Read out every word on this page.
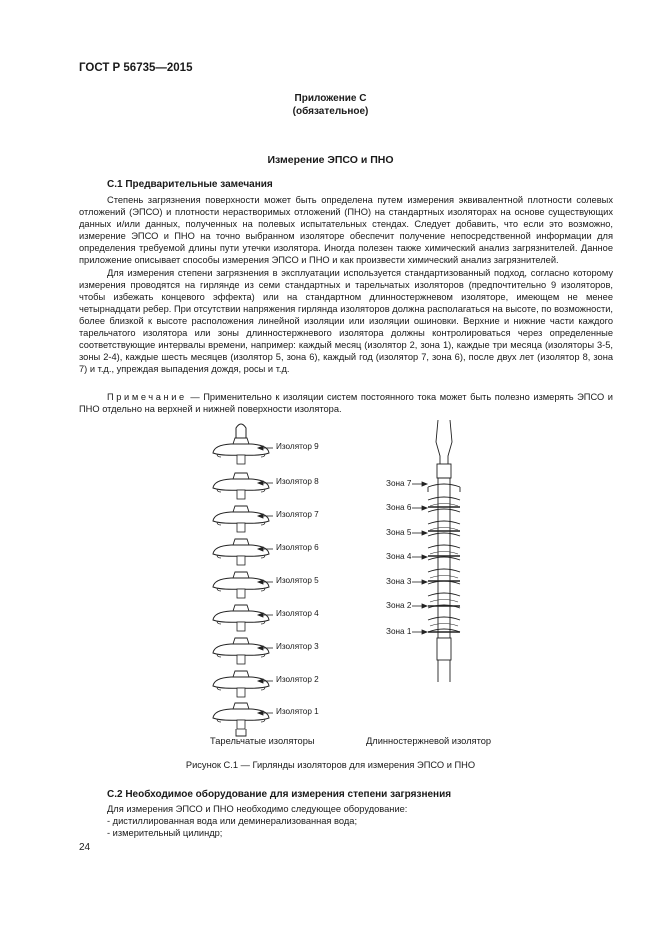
ГОСТ Р 56735—2015
Приложение С
(обязательное)
Измерение ЭПСО и ПНО
С.1 Предварительные замечания

Степень загрязнения поверхности может быть определена путем измерения эквивалентной плотности солевых отложений (ЭПСО) и плотности нерастворимых отложений (ПНО) на стандартных изоляторах на основе существующих данных и/или данных, полученных на полевых испытательных стендах. Следует добавить, что если это возможно, измерение ЭПСО и ПНО на точно выбранном изоляторе обеспечит получение непосредственной информации для определения требуемой длины пути утечки изолятора. Иногда полезен также химический анализ загрязнителей. Данное приложение описывает способы измерения ЭПСО и ПНО и как произвести химический анализ загрязнителей.

Для измерения степени загрязнения в эксплуатации используется стандартизованный подход, согласно которому измерения проводятся на гирлянде из семи стандартных и тарельчатых изоляторов (предпочтительно 9 изоляторов, чтобы избежать концевого эффекта) или на стандартном длинностержневом изоляторе, имеющем не менее четырнадцати ребер. При отсутствии напряжения гирлянда изоляторов должна располагаться на высоте, по возможности, более близкой к высоте расположения линейной изоляции или изоляции ошиновки. Верхние и нижние части каждого тарельчатого изолятора или зоны длинностержневого изолятора должны контролироваться через определенные соответствующие интервалы времени, например: каждый месяц (изолятор 2, зона 1), каждые три месяца (изоляторы 3-5, зоны 2-4), каждые шесть месяцев (изолятор 5, зона 6), каждый год (изолятор 7, зона 6), после двух лет (изолятор 8, зона 7) и т.д., упреждая выпадения дождя, росы и т.д.

Примечание — Применительно к изоляции систем постоянного тока может быть полезно измерять ЭПСО и ПНО отдельно на верхней и нижней поверхности изолятора.
Изолятор 9
Изолятор 8
Изолятор 7
Изолятор 6
Изолятор 5
Изолятор 4
Изолятор 3
Изолятор 2
Изолятор 1
Зона 7
Зона 6
Зона 5
Зона 4
Зона 3
Зона 2
Зона 1
Тарельчатые изоляторы	Длинностержневой изолятор
Рисунок С.1 — Гирлянды изоляторов для измерения ЭПСО и ПНО
С.2 Необходимое оборудование для измерения степени загрязнения
Для измерения ЭПСО и ПНО необходимо следующее оборудование:
- дистиллированная вода или деминерализованная вода;
- измерительный цилиндр;
24
